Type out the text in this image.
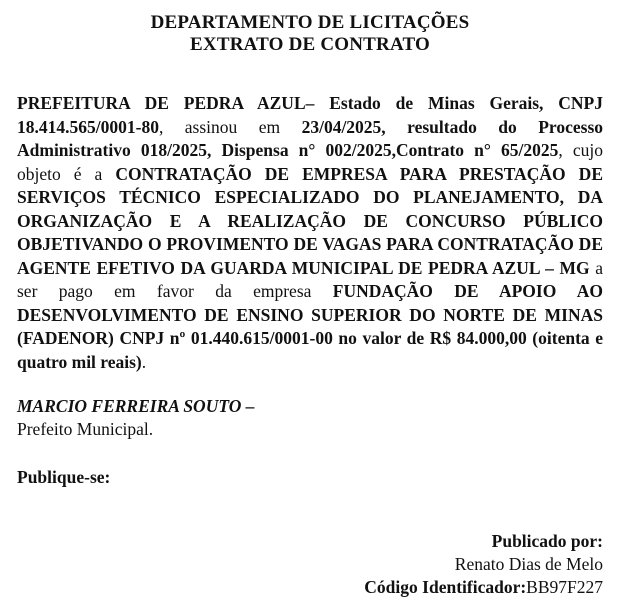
DEPARTAMENTO DE LICITAÇÕES
EXTRATO DE CONTRATO
PREFEITURA DE PEDRA AZUL– Estado de Minas Gerais, CNPJ 18.414.565/0001-80, assinou em 23/04/2025, resultado do Processo Administrativo 018/2025, Dispensa n° 002/2025,Contrato n° 65/2025, cujo objeto é a CONTRATAÇÃO DE EMPRESA PARA PRESTAÇÃO DE SERVIÇOS TÉCNICO ESPECIALIZADO DO PLANEJAMENTO, DA ORGANIZAÇÃO E A REALIZAÇÃO DE CONCURSO PÚBLICO OBJETIVANDO O PROVIMENTO DE VAGAS PARA CONTRATAÇÃO DE AGENTE EFETIVO DA GUARDA MUNICIPAL DE PEDRA AZUL – MG a ser pago em favor da empresa FUNDAÇÃO DE APOIO AO DESENVOLVIMENTO DE ENSINO SUPERIOR DO NORTE DE MINAS (FADENOR) CNPJ nº 01.440.615/0001-00 no valor de R$ 84.000,00 (oitenta e quatro mil reais).
MARCIO FERREIRA SOUTO –
Prefeito Municipal.
Publique-se:
Publicado por:
Renato Dias de Melo
Código Identificador:BB97F227
